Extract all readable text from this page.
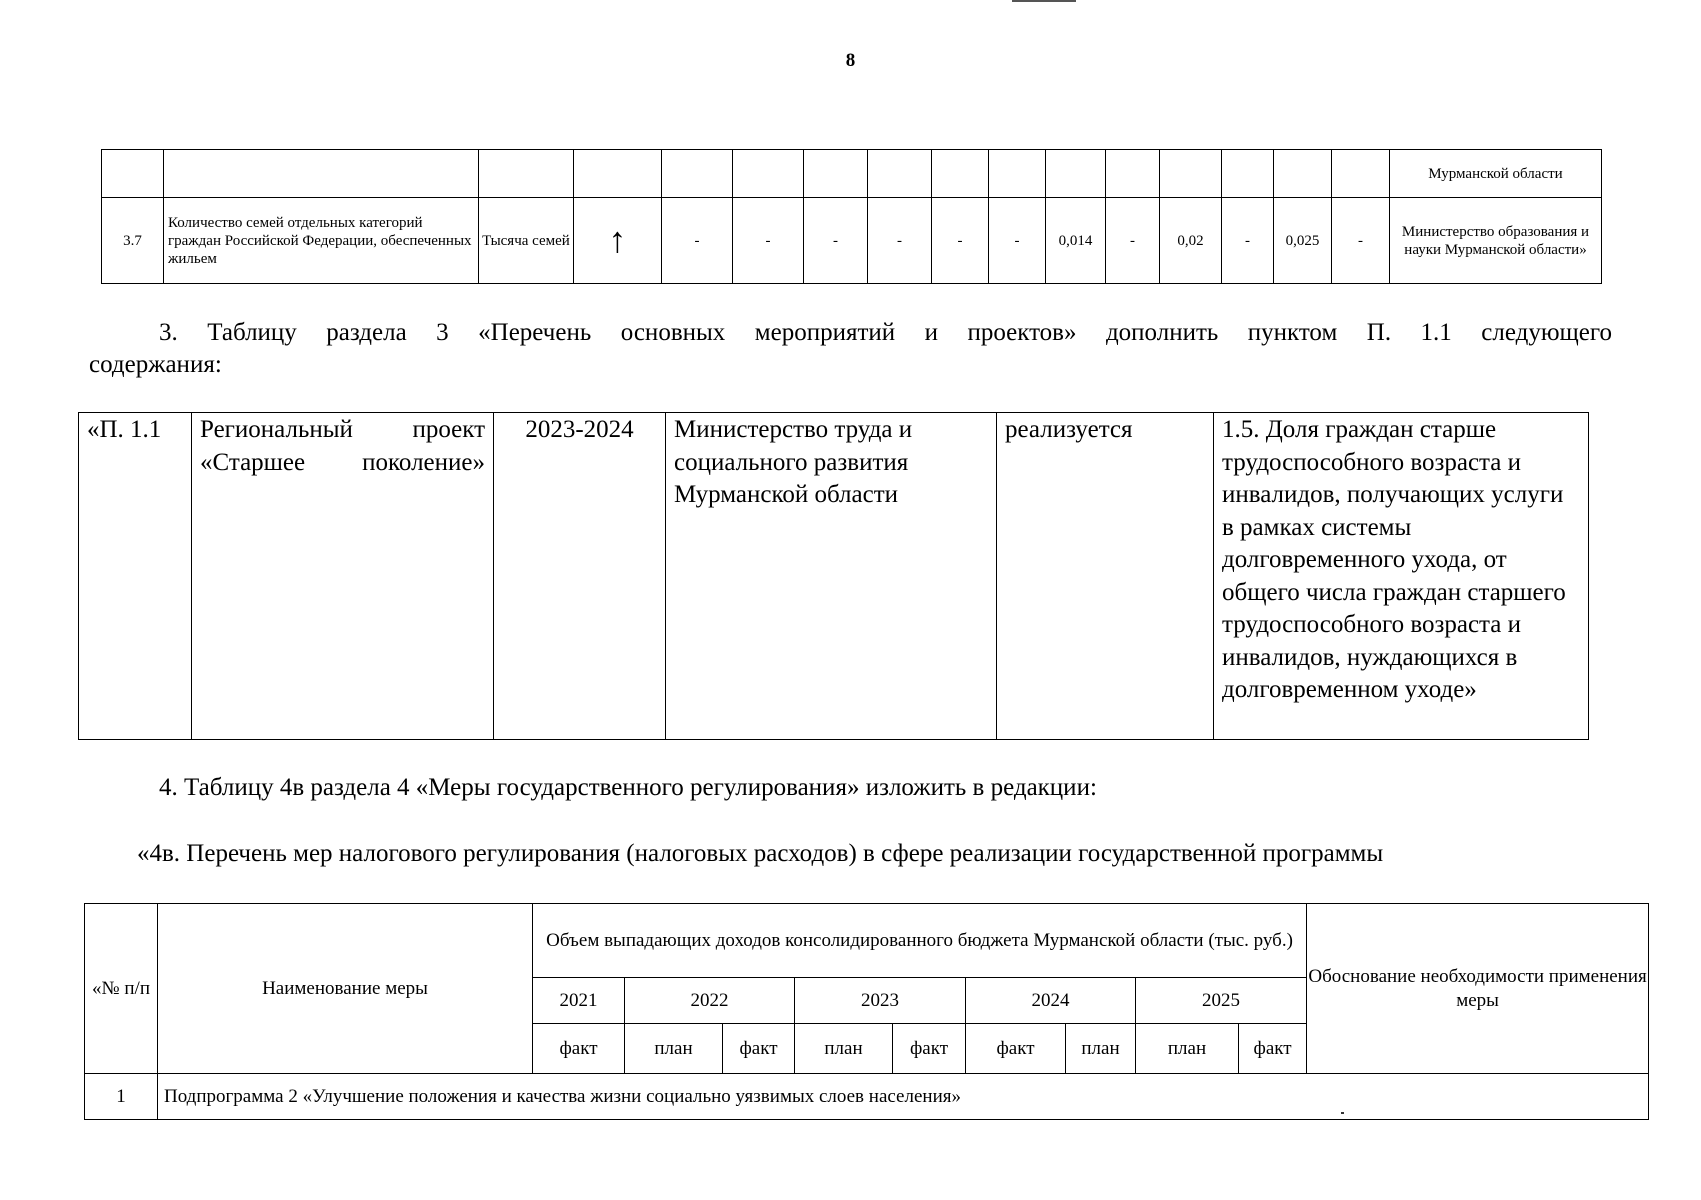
8
																Мурманской области
3.7	Количество семей отдельных категорий граждан Российской Федерации, обеспеченных жильем	Тысяча семей	↑	-	-	-	-	-	-	0,014	-	0,02	-	0,025	-	Министерство образования и науки Мурманской области»
3. Таблицу раздела 3 «Перечень основных мероприятий и проектов» дополнить пунктом П. 1.1 следующего
содержания:
«П. 1.1	Региональный проект «Старшее поколение»	2023-2024	Министерство труда и социального развития Мурманской области	реализуется	1.5. Доля граждан старше трудоспособного возраста и инвалидов, получающих услуги в рамках системы долговременного ухода, от общего числа граждан старшего трудоспособного возраста и инвалидов, нуждающихся в долговременном уходе»
4. Таблицу 4в раздела 4 «Меры государственного регулирования» изложить в редакции:
«4в. Перечень мер налогового регулирования (налоговых расходов) в сфере реализации государственной программы
«№ п/п	Наименование меры	Объем выпадающих доходов консолидированного бюджета Мурманской области (тыс. руб.)									Обоснование необходимости применения меры
		2021	2022		2023		2024		2025		
		факт	план	факт	план	факт	факт	план	план	факт	
1	Подпрограмма 2 «Улучшение положения и качества жизни социально уязвимых слоев населения»										
